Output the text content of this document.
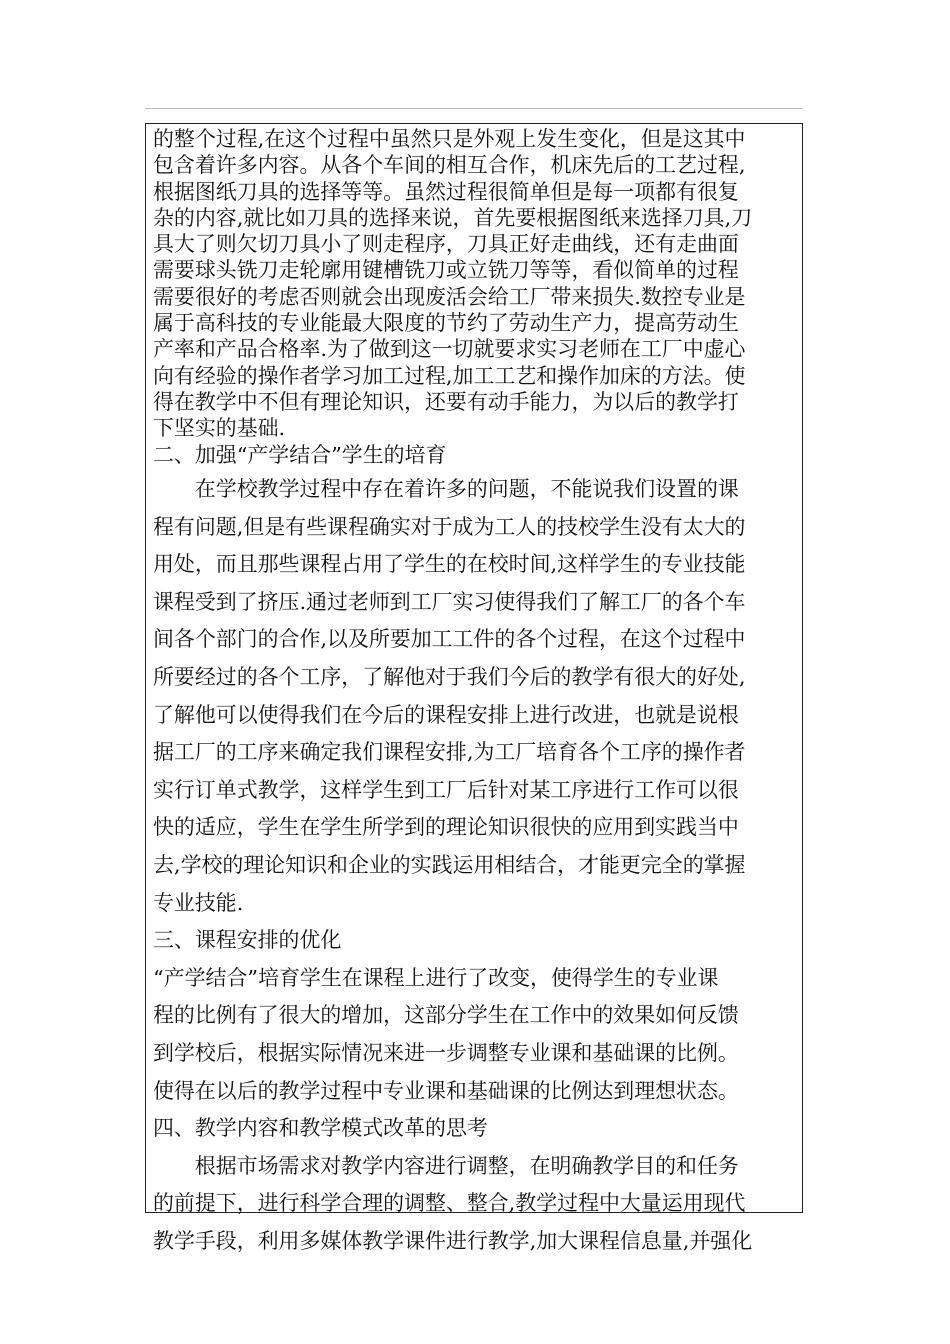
的整个过程,在这个过程中虽然只是外观上发生变化，但是这其中
包含着许多内容。从各个车间的相互合作，机床先后的工艺过程,
根据图纸刀具的选择等等。虽然过程很简单但是每一项都有很复
杂的内容,就比如刀具的选择来说，首先要根据图纸来选择刀具,刀
具大了则欠切刀具小了则走程序，刀具正好走曲线，还有走曲面
需要球头铣刀走轮廓用键槽铣刀或立铣刀等等，看似简单的过程
需要很好的考虑否则就会出现废活会给工厂带来损失.数控专业是
属于高科技的专业能最大限度的节约了劳动生产力，提高劳动生
产率和产品合格率.为了做到这一切就要求实习老师在工厂中虚心
向有经验的操作者学习加工过程,加工工艺和操作加床的方法。使
得在教学中不但有理论知识，还要有动手能力，为以后的教学打
下坚实的基础.
二、加强“产学结合”学生的培育
　　在学校教学过程中存在着许多的问题，不能说我们设置的课
程有问题,但是有些课程确实对于成为工人的技校学生没有太大的
用处，而且那些课程占用了学生的在校时间,这样学生的专业技能
课程受到了挤压.通过老师到工厂实习使得我们了解工厂的各个车
间各个部门的合作,以及所要加工工件的各个过程，在这个过程中
所要经过的各个工序，了解他对于我们今后的教学有很大的好处,
了解他可以使得我们在今后的课程安排上进行改进，也就是说根
据工厂的工序来确定我们课程安排,为工厂培育各个工序的操作者
实行订单式教学，这样学生到工厂后针对某工序进行工作可以很
快的适应，学生在学生所学到的理论知识很快的应用到实践当中
去,学校的理论知识和企业的实践运用相结合，才能更完全的掌握
专业技能.
三、课程安排的优化
“产学结合”培育学生在课程上进行了改变，使得学生的专业课
程的比例有了很大的增加，这部分学生在工作中的效果如何反馈
到学校后，根据实际情况来进一步调整专业课和基础课的比例。
使得在以后的教学过程中专业课和基础课的比例达到理想状态。
四、教学内容和教学模式改革的思考
　　根据市场需求对教学内容进行调整，在明确教学目的和任务
的前提下，进行科学合理的调整、整合,教学过程中大量运用现代
教学手段，利用多媒体教学课件进行教学,加大课程信息量,并强化
